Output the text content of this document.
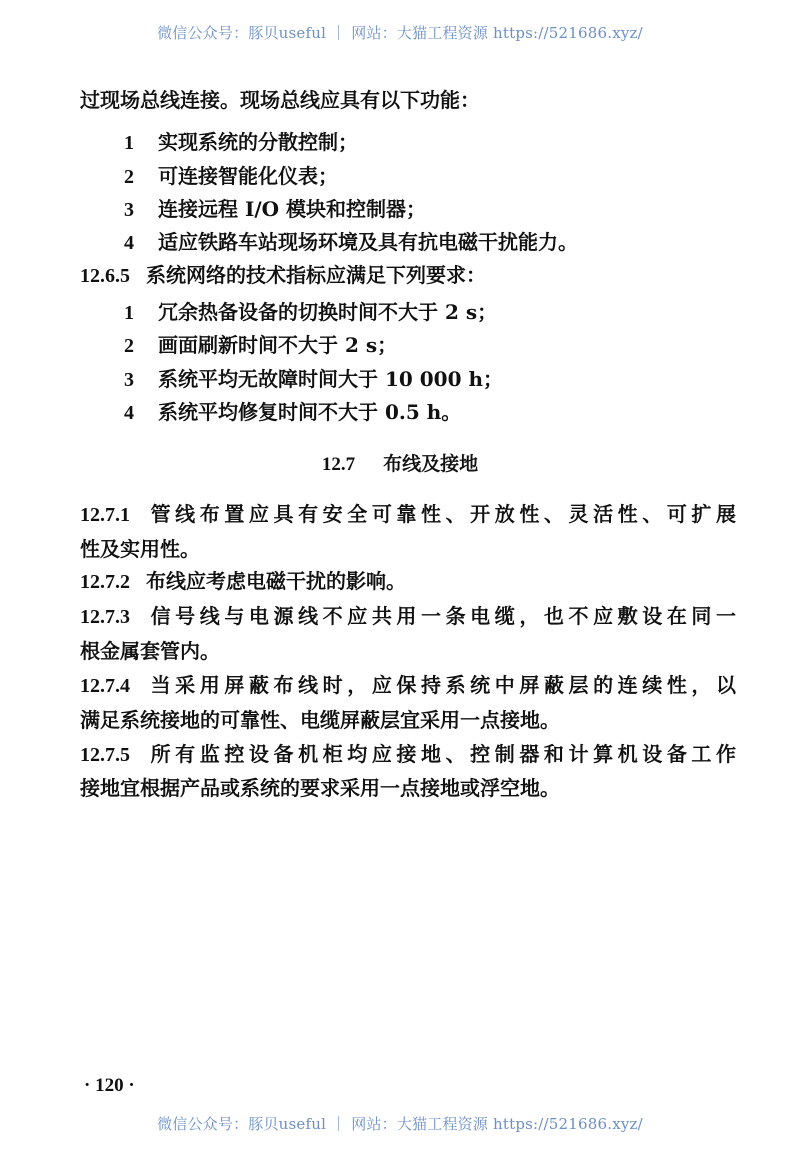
微信公众号：豚贝useful ｜ 网站：大猫工程资源 https://521686.xyz/
过现场总线连接。现场总线应具有以下功能：
1 实现系统的分散控制；
2 可连接智能化仪表；
3 连接远程 I/O 模块和控制器；
4 适应铁路车站现场环境及具有抗电磁干扰能力。
12.6.5 系统网络的技术指标应满足下列要求：
1 冗余热备设备的切换时间不大于 2 s；
2 画面刷新时间不大于 2 s；
3 系统平均无故障时间大于 10 000 h；
4 系统平均修复时间不大于 0.5 h。
12.7 布线及接地
12.7.1 管线布置应具有安全可靠性、开放性、灵活性、可扩展
性及实用性。
12.7.2 布线应考虑电磁干扰的影响。
12.7.3 信号线与电源线不应共用一条电缆，也不应敷设在同一
根金属套管内。
12.7.4 当采用屏蔽布线时，应保持系统中屏蔽层的连续性，以
满足系统接地的可靠性、电缆屏蔽层宜采用一点接地。
12.7.5 所有监控设备机柜均应接地、控制器和计算机设备工作
接地宜根据产品或系统的要求采用一点接地或浮空地。
· 120 ·
微信公众号：豚贝useful ｜ 网站：大猫工程资源 https://521686.xyz/
